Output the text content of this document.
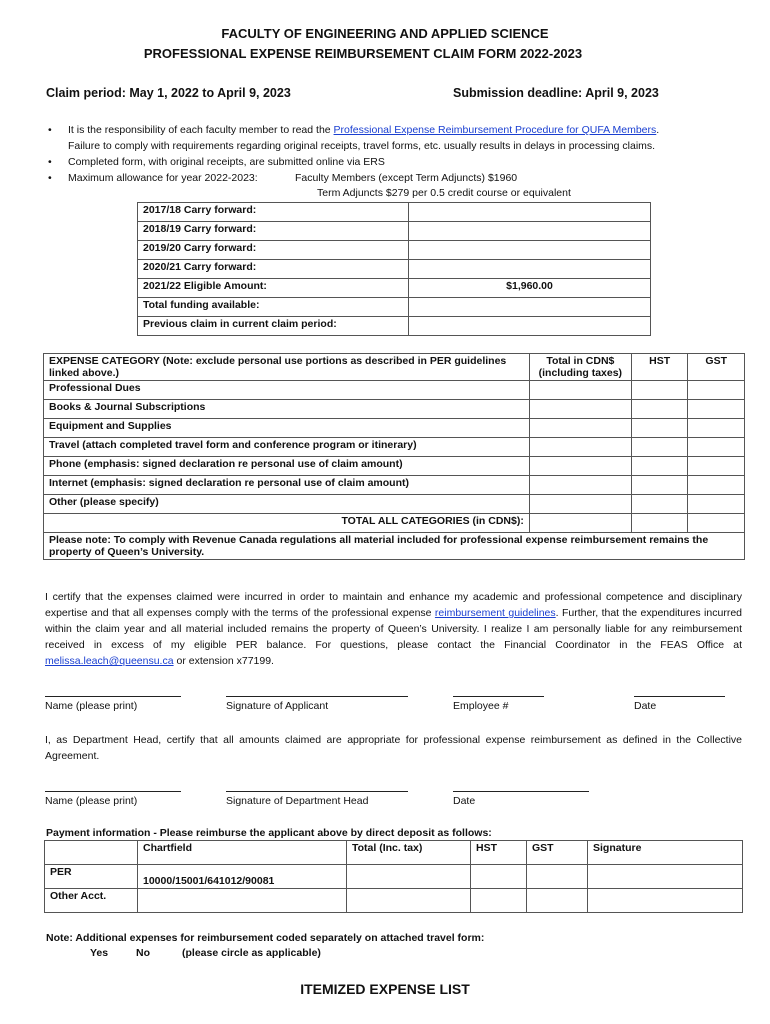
FACULTY OF ENGINEERING AND APPLIED SCIENCE
PROFESSIONAL EXPENSE REIMBURSEMENT CLAIM FORM 2022-2023
Claim period: May 1, 2022 to April 9, 2023	Submission deadline: April 9, 2023
• It is the responsibility of each faculty member to read the Professional Expense Reimbursement Procedure for QUFA Members.
Failure to comply with requirements regarding original receipts, travel forms, etc. usually results in delays in processing claims.
• Completed form, with original receipts, are submitted online via ERS
• Maximum allowance for year 2022-2023:	Faculty Members (except Term Adjuncts) $1960
Term Adjuncts $279 per 0.5 credit course or equivalent
2017/18 Carry forward:	
2018/19 Carry forward:	
2019/20 Carry forward:	
2020/21 Carry forward:	
2021/22 Eligible Amount:	$1,960.00
Total funding available:	
Previous claim in current claim period:	
EXPENSE CATEGORY (Note: exclude personal use portions as described in PER guidelines linked above.)	Total in CDN$ (including taxes)	HST	GST
Professional Dues			
Books & Journal Subscriptions			
Equipment and Supplies			
Travel (attach completed travel form and conference program or itinerary)			
Phone (emphasis: signed declaration re personal use of claim amount)			
Internet (emphasis: signed declaration re personal use of claim amount)			
Other (please specify)			
TOTAL ALL CATEGORIES (in CDN$):			
Please note: To comply with Revenue Canada regulations all material included for professional expense reimbursement remains the property of Queen’s University.			
I certify that the expenses claimed were incurred in order to maintain and enhance my academic and professional competence and disciplinary expertise and that all expenses comply with the terms of the professional expense reimbursement guidelines. Further, that the expenditures incurred within the claim year and all material included remains the property of Queen’s University. I realize I am personally liable for any reimbursement received in excess of my eligible PER balance. For questions, please contact the Financial Coordinator in the FEAS Office at melissa.leach@queensu.ca or extension x77199.
Name (please print)	Signature of Applicant	Employee #	Date
I, as Department Head, certify that all amounts claimed are appropriate for professional expense reimbursement as defined in the Collective Agreement.
Name (please print)	Signature of Department Head	Date
Payment information - Please reimburse the applicant above by direct deposit as follows:
	Chartfield	Total (Inc. tax)	HST	GST	Signature
PER	10000/15001/641012/90081				
Other Acct.					
Note: Additional expenses for reimbursement coded separately on attached travel form:
Yes	No	(please circle as applicable)
ITEMIZED EXPENSE LIST
